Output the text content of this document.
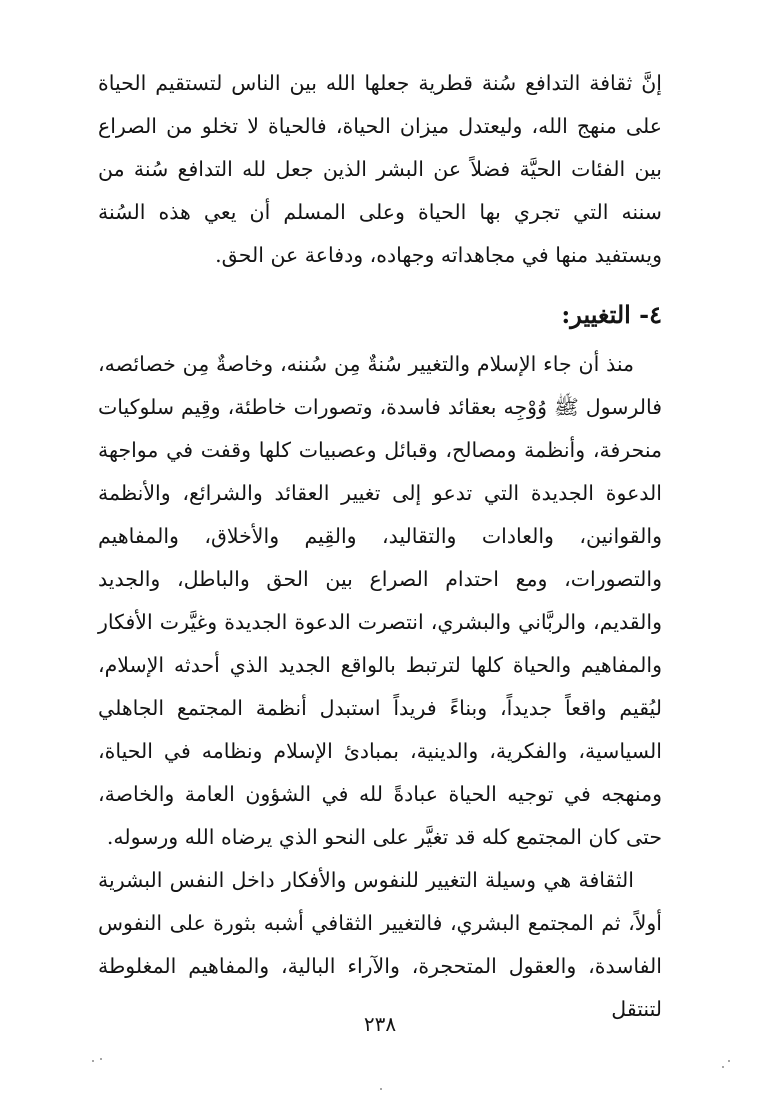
إنَّ ثقافة التدافع سُنة قطرية جعلها الله بين الناس لتستقيم الحياة على منهج الله، وليعتدل ميزان الحياة، فالحياة لا تخلو من الصراع بين الفئات الحيَّة فضلاً عن البشر الذين جعل لله التدافع سُنة من سننه التي تجري بها الحياة وعلى المسلم أن يعي هذه السُنة ويستفيد منها في مجاهداته وجهاده، ودفاعة عن الحق.

٤- التغيير:

منذ أن جاء الإسلام والتغيير سُنةٌ مِن سُننه، وخاصةٌ مِن خصائصه، فالرسول ﷺ وُوْجِه بعقائد فاسدة، وتصورات خاطئة، وقِيم سلوكيات منحرفة، وأنظمة ومصالح، وقبائل وعصبيات كلها وقفت في مواجهة الدعوة الجديدة التي تدعو إلى تغيير العقائد والشرائع، والأنظمة والقوانين، والعادات والتقاليد، والقِيم والأخلاق، والمفاهيم والتصورات، ومع احتدام الصراع بين الحق والباطل، والجديد والقديم، والربَّاني والبشري، انتصرت الدعوة الجديدة وغيَّرت الأفكار والمفاهيم والحياة كلها لترتبط بالواقع الجديد الذي أحدثه الإسلام، ليُقيم واقعاً جديداً، وبناءً فريداً استبدل أنظمة المجتمع الجاهلي السياسية، والفكرية، والدينية، بمبادئ الإسلام ونظامه في الحياة، ومنهجه في توجيه الحياة عبادةً لله في الشؤون العامة والخاصة، حتى كان المجتمع كله قد تغيَّر على النحو الذي يرضاه الله ورسوله.

الثقافة هي وسيلة التغيير للنفوس والأفكار داخل النفس البشرية أولاً، ثم المجتمع البشري، فالتغيير الثقافي أشبه بثورة على النفوس الفاسدة، والعقول المتحجرة، والآراء البالية، والمفاهيم المغلوطة لتنتقل

٢٣٨
